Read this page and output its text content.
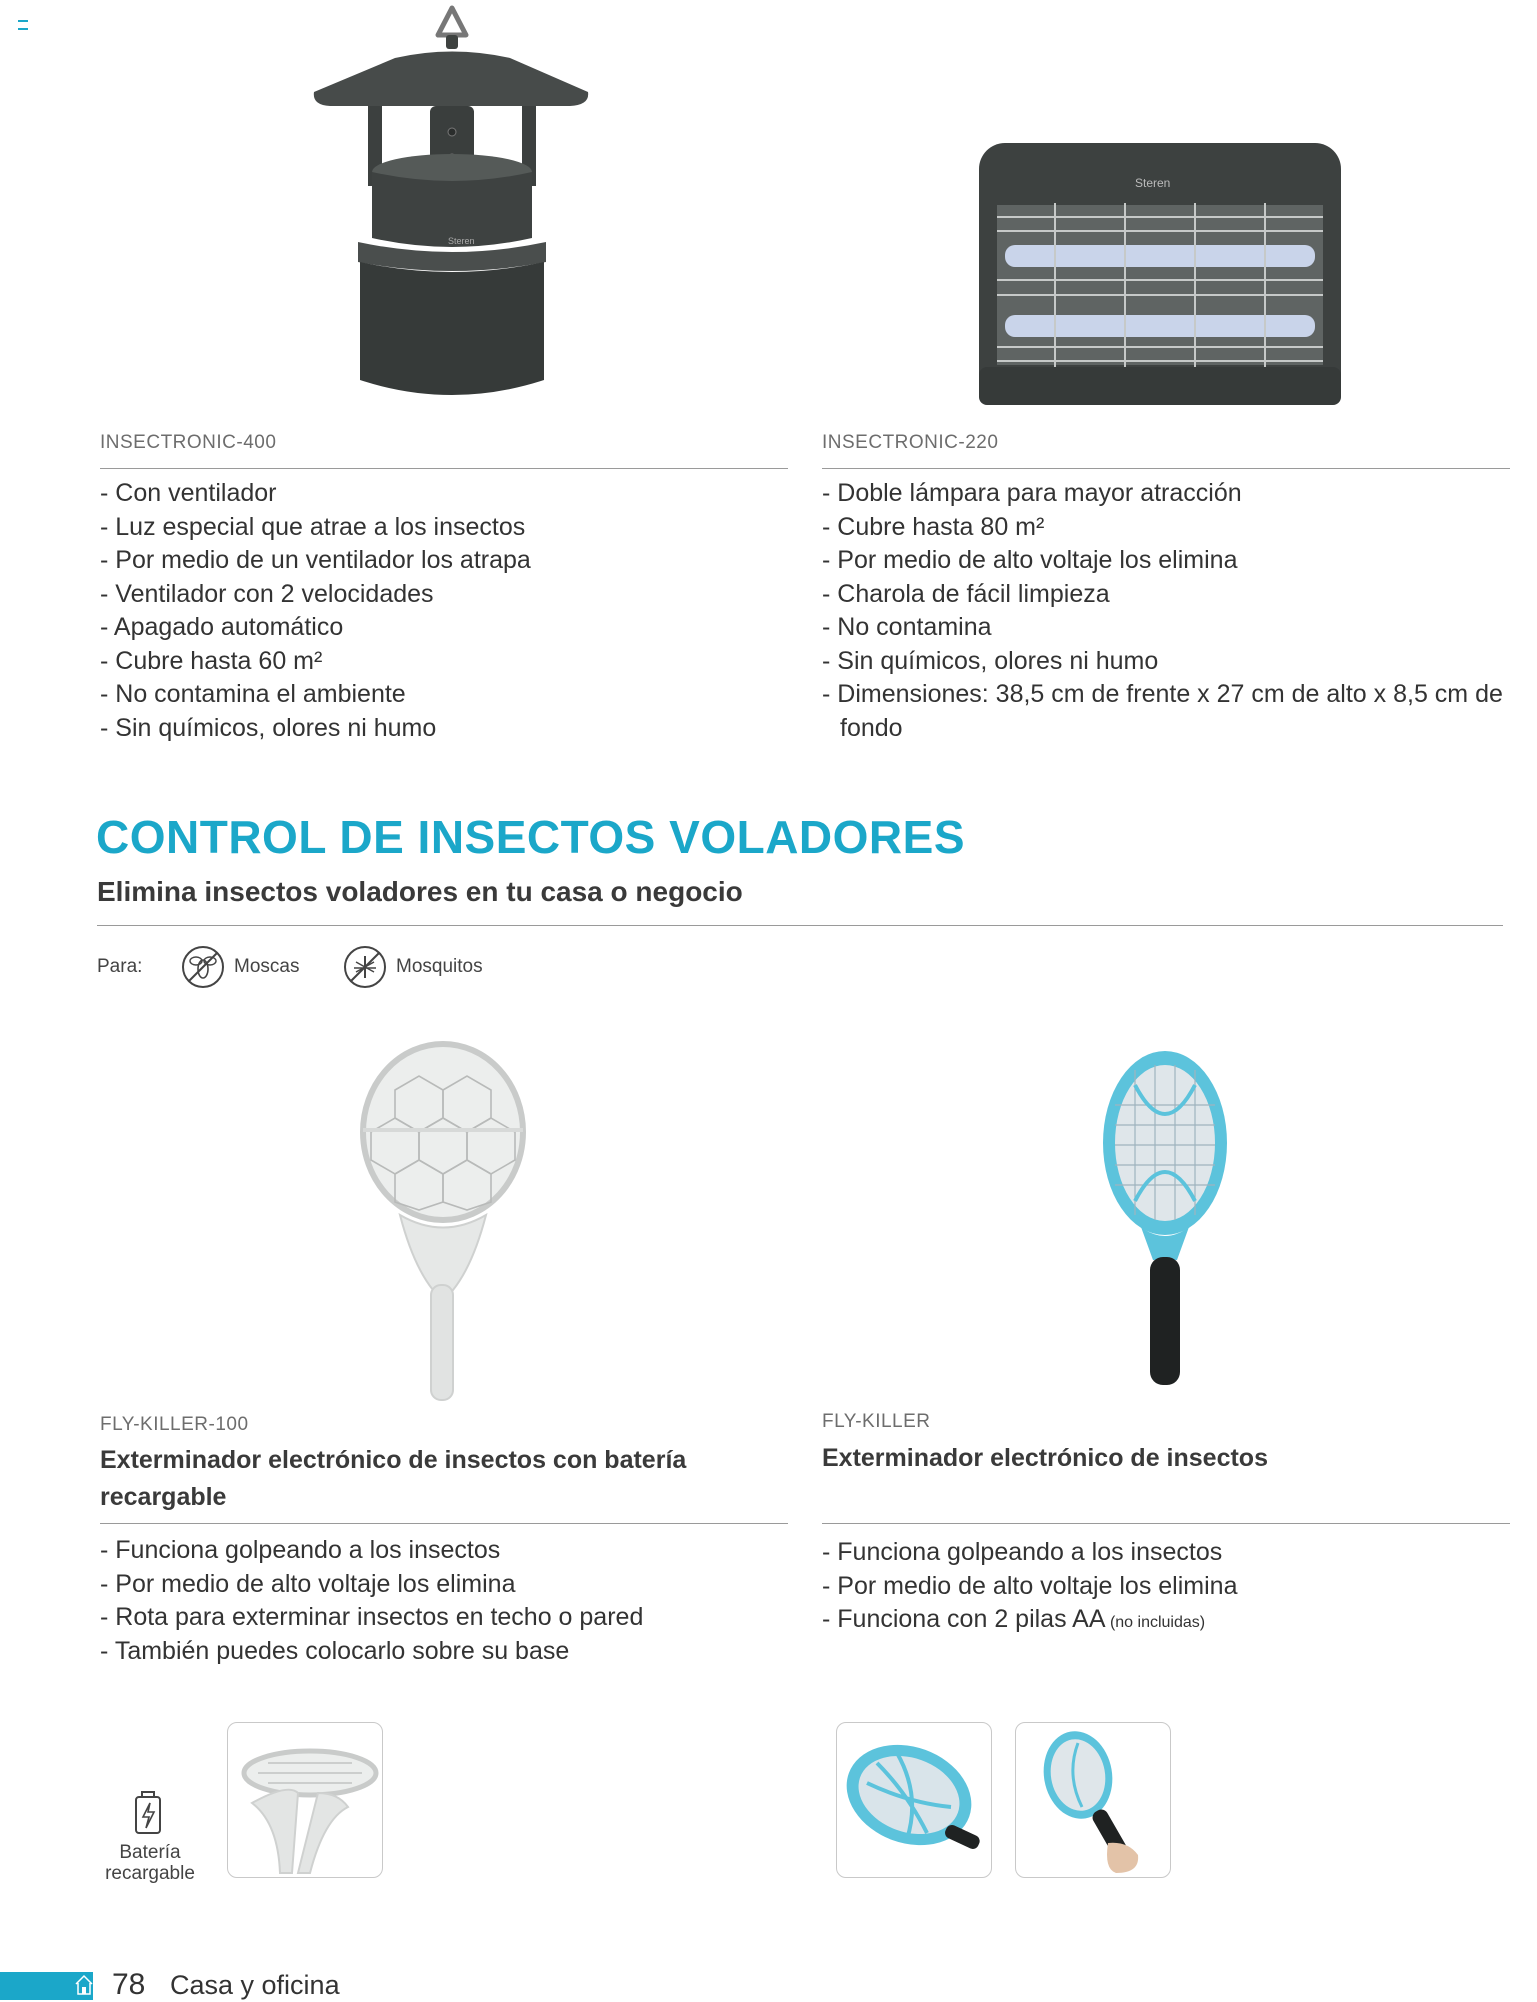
Steren
Steren
INSECTRONIC-400
- Con ventilador
- Luz especial que atrae a los insectos
- Por medio de un ventilador los atrapa
- Ventilador con 2 velocidades
- Apagado automático
- Cubre hasta 60 m²
- No contamina el ambiente
- Sin químicos, olores ni humo
INSECTRONIC-220
- Doble lámpara para mayor atracción
- Cubre hasta 80 m²
- Por medio de alto voltaje los elimina
- Charola de fácil limpieza
- No contamina
- Sin químicos, olores ni humo
- Dimensiones: 38,5 cm de frente x 27 cm de alto x 8,5 cm de fondo
CONTROL DE INSECTOS VOLADORES
Elimina insectos voladores en tu casa o negocio
Para:	Moscas	Mosquitos
FLY-KILLER-100
Exterminador electrónico de insectos con batería recargable
- Funciona golpeando a los insectos
- Por medio de alto voltaje los elimina
- Rota para exterminar insectos en techo o pared
- También puedes colocarlo sobre su base
FLY-KILLER
Exterminador electrónico de insectos
- Funciona golpeando a los insectos
- Por medio de alto voltaje los elimina
- Funciona con 2 pilas AA (no incluidas)
Batería recargable
78 Casa y oficina
